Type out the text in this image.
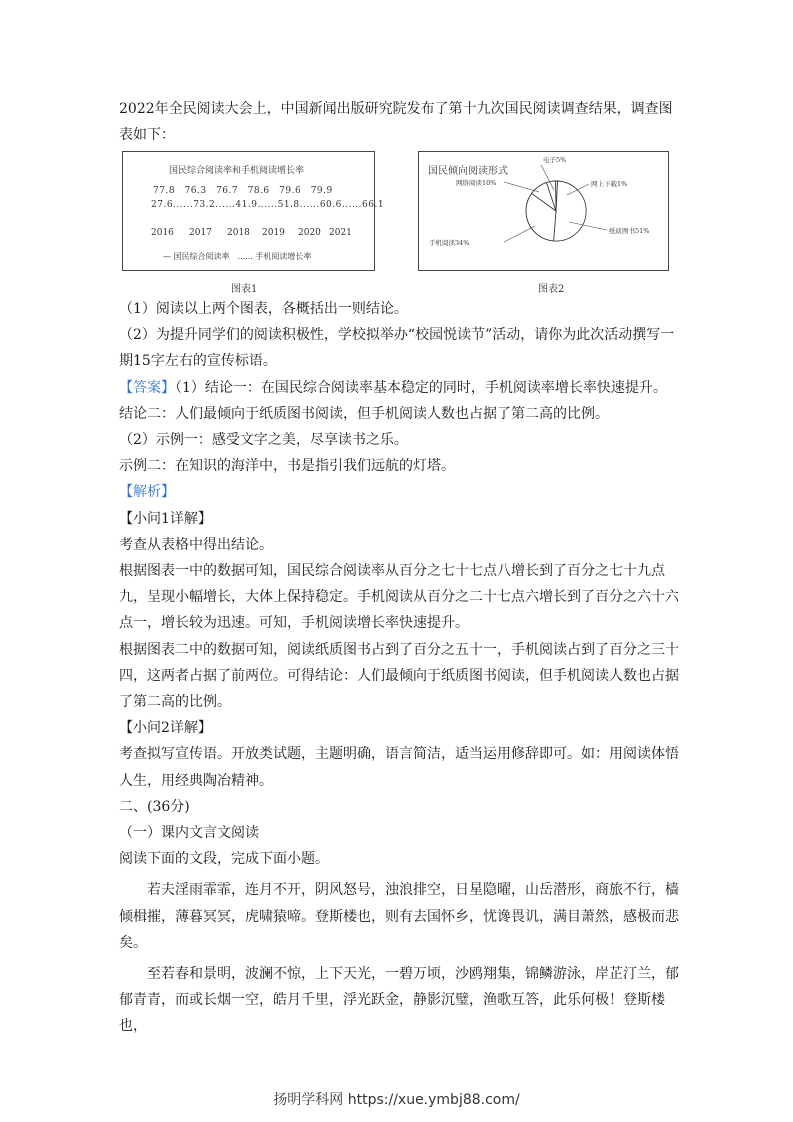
2022年全民阅读大会上，中国新闻出版研究院发布了第十九次国民阅读调查结果，调查图表如下：

国民综合阅读率和手机阅读增长率
77.8　76.3　76.7　78.6　79.6　79.9
27.6......73.2......41.9......51.8......60.6......66.1
2016 2017 2018 2019 2020 2021
— 国民综合阅读率　...... 手机阅读增长率
图表1
国民倾向阅读形式
电子5%
网络阅读10%	网上下载1%
纸质图书51%
手机阅读34%
图表2

（1）阅读以上两个图表，各概括出一则结论。

（2）为提升同学们的阅读积极性，学校拟举办“校园悦读节”活动，请你为此次活动撰写一期15字左右的宣传标语。

【答案】（1）结论一：在国民综合阅读率基本稳定的同时，手机阅读率增长率快速提升。

结论二：人们最倾向于纸质图书阅读，但手机阅读人数也占据了第二高的比例。

（2）示例一：感受文字之美，尽享读书之乐。

示例二：在知识的海洋中，书是指引我们远航的灯塔。

【解析】

【小问1详解】

考查从表格中得出结论。

根据图表一中的数据可知，国民综合阅读率从百分之七十七点八增长到了百分之七十九点九，呈现小幅增长，大体上保持稳定。手机阅读从百分之二十七点六增长到了百分之六十六点一，增长较为迅速。可知，手机阅读增长率快速提升。

根据图表二中的数据可知，阅读纸质图书占到了百分之五十一，手机阅读占到了百分之三十四，这两者占据了前两位。可得结论：人们最倾向于纸质图书阅读，但手机阅读人数也占据了第二高的比例。

【小问2详解】

考查拟写宣传语。开放类试题，主题明确，语言简洁，适当运用修辞即可。如：用阅读体悟人生，用经典陶冶精神。

二、(36分)

（一）课内文言文阅读

阅读下面的文段，完成下面小题。

若夫淫雨霏霏，连月不开，阴风怒号，浊浪排空，日星隐曜，山岳潜形，商旅不行，樯倾楫摧，薄暮冥冥，虎啸猿啼。登斯楼也，则有去国怀乡，忧谗畏讥，满目萧然，感极而悲矣。

至若春和景明，波澜不惊，上下天光，一碧万顷，沙鸥翔集，锦鳞游泳，岸芷汀兰，郁郁青青，而或长烟一空，皓月千里，浮光跃金，静影沉璧，渔歌互答，此乐何极！登斯楼也，

扬明学科网 https://xue.ymbj88.com/
